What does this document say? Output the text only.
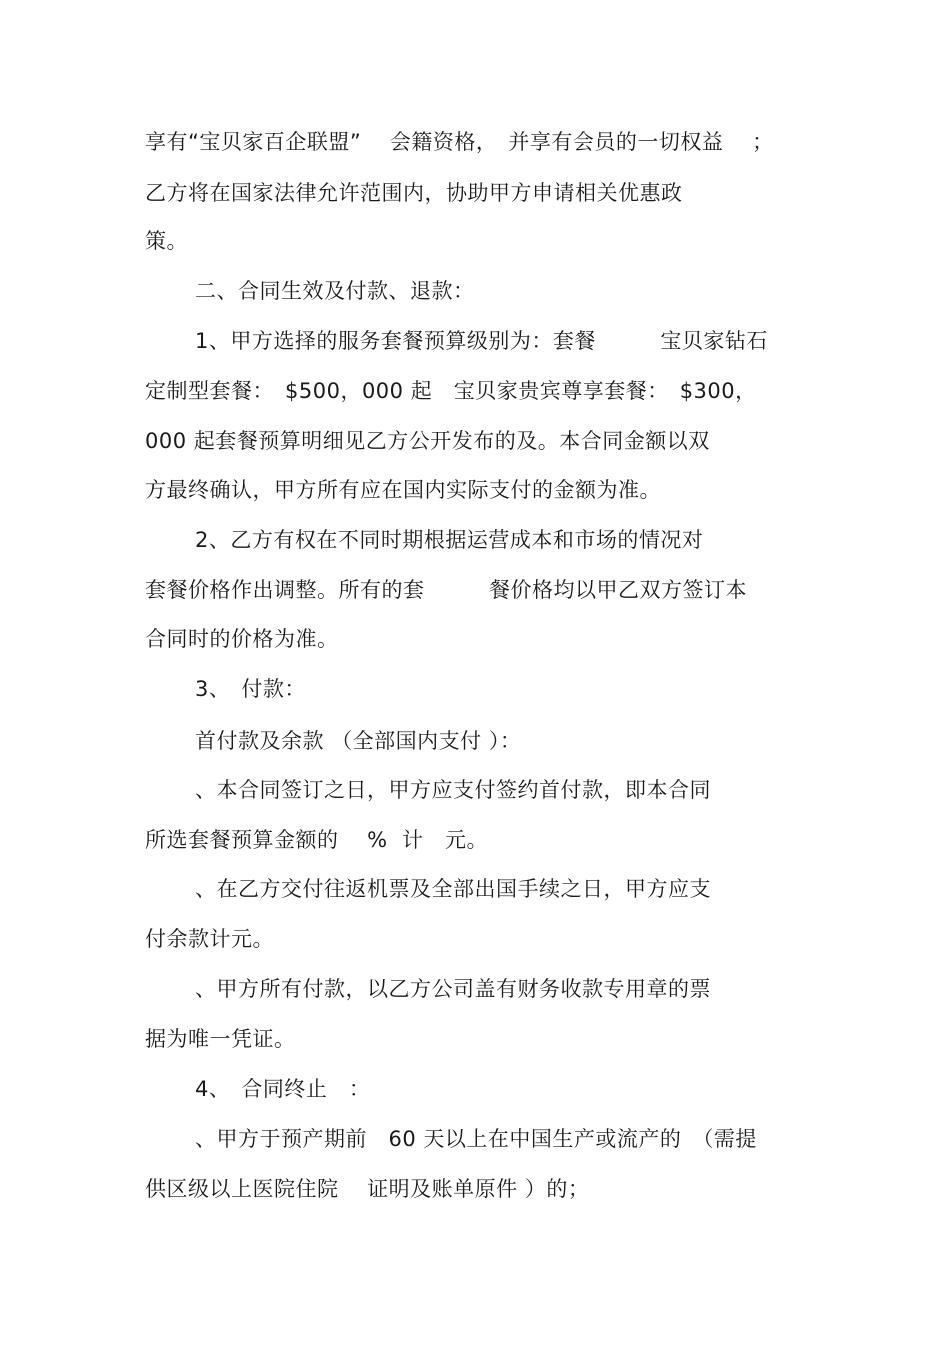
享有“宝贝家百企联盟”　 会籍资格，　并享有会员的一切权益　 ；
乙方将在国家法律允许范围内，协助甲方申请相关优惠政
策。
二、合同生效及付款、退款：
1、甲方选择的服务套餐预算级别为：套餐　　　宝贝家钻石
定制型套餐：　$500，000 起　宝贝家贵宾尊享套餐：　$300，
000 起套餐预算明细见乙方公开发布的及。本合同金额以双
方最终确认，甲方所有应在国内实际支付的金额为准。
2、乙方有权在不同时期根据运营成本和市场的情况对
套餐价格作出调整。所有的套　　　餐价格均以甲乙双方签订本
合同时的价格为准。
3、　付款：
首付款及余款 （全部国内支付 ）：
、本合同签订之日，甲方应支付签约首付款，即本合同
所选套餐预算金额的　 %  计　元。
、在乙方交付往返机票及全部出国手续之日，甲方应支
付余款计元。
、甲方所有付款，以乙方公司盖有财务收款专用章的票
据为唯一凭证。
4、　合同终止　：
、甲方于预产期前　60 天以上在中国生产或流产的　（需提
供区级以上医院住院　 证明及账单原件 ）的；
